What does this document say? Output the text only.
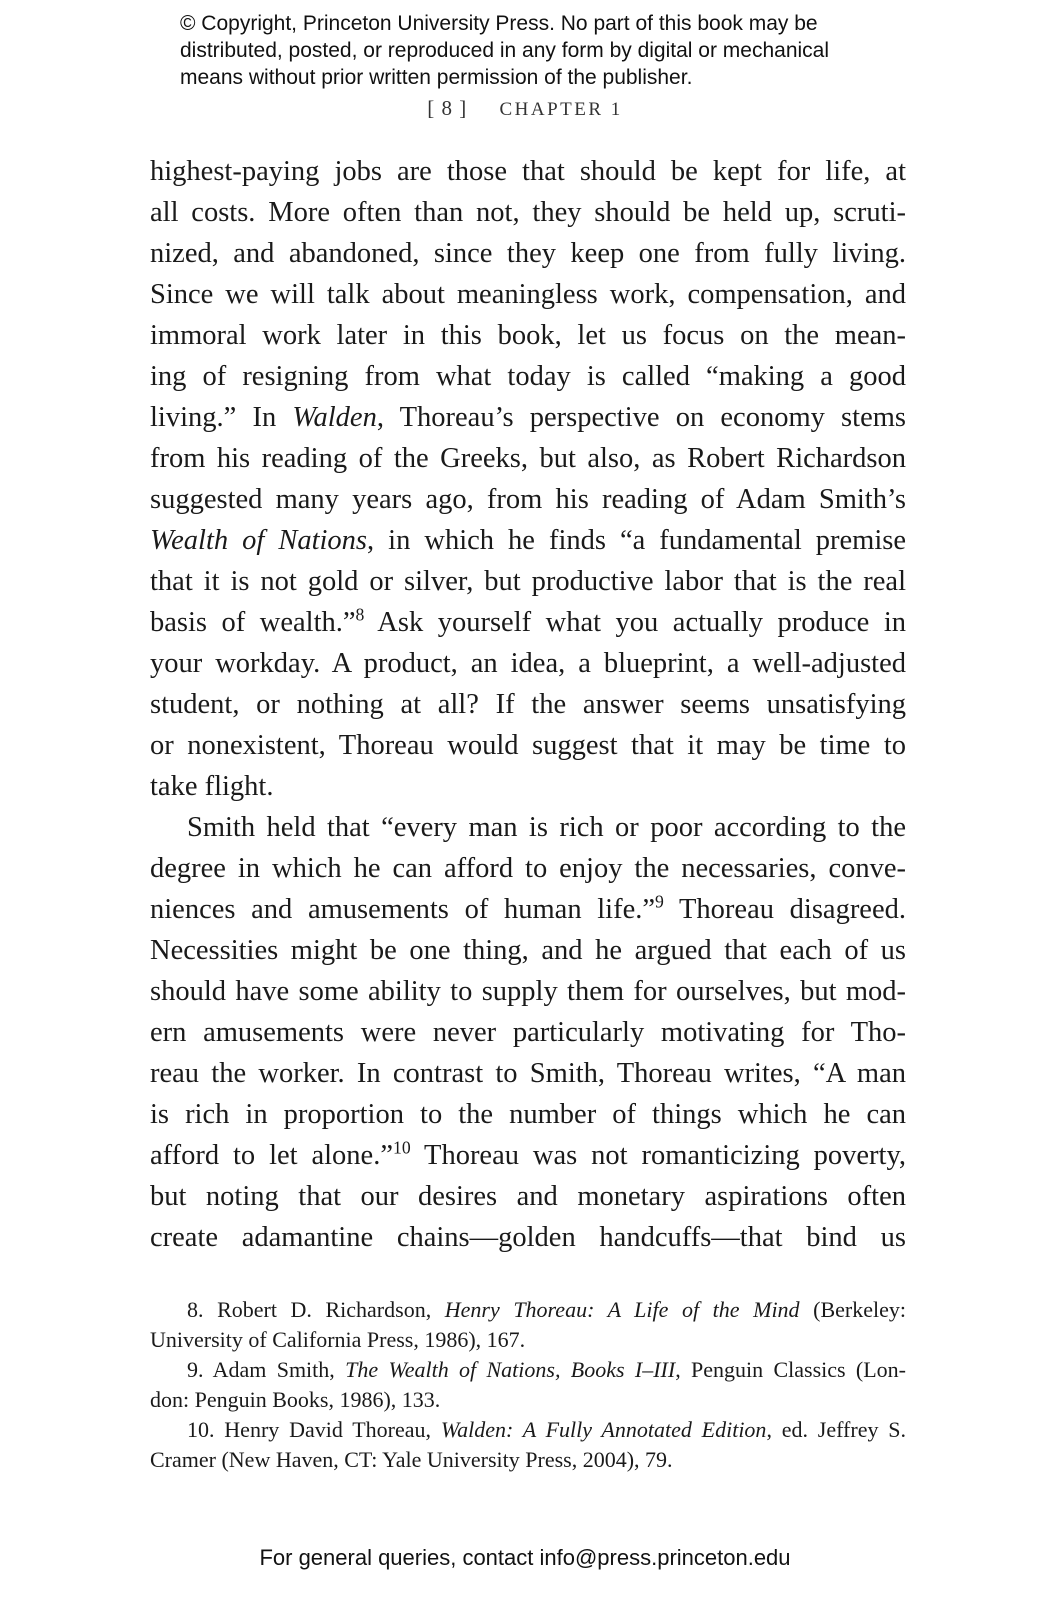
© Copyright, Princeton University Press. No part of this book may be
distributed, posted, or reproduced in any form by digital or mechanical
means without prior written permission of the publisher.
[ 8 ] CHAPTER 1
highest-paying jobs are those that should be kept for life, at
all costs. More often than not, they should be held up, scruti-
nized, and abandoned, since they keep one from fully living.
Since we will talk about meaningless work, compensation, and
immoral work later in this book, let us focus on the mean-
ing of resigning from what today is called “making a good
living.” In Walden, Thoreau’s perspective on economy stems
from his reading of the Greeks, but also, as Robert Richardson
suggested many years ago, from his reading of Adam Smith’s
Wealth of Nations, in which he finds “a fundamental premise
that it is not gold or silver, but productive labor that is the real
basis of wealth.”$^8$ Ask yourself what you actually produce in
your workday. A product, an idea, a blueprint, a well-adjusted
student, or nothing at all? If the answer seems unsatisfying
or nonexistent, Thoreau would suggest that it may be time to
take flight.
Smith held that “every man is rich or poor according to the
degree in which he can afford to enjoy the necessaries, conve-
niences and amusements of human life.”$^9$ Thoreau disagreed.
Necessities might be one thing, and he argued that each of us
should have some ability to supply them for ourselves, but mod-
ern amusements were never particularly motivating for Tho-
reau the worker. In contrast to Smith, Thoreau writes, “A man
is rich in proportion to the number of things which he can
afford to let alone.”$^{10}$ Thoreau was not romanticizing poverty,
but noting that our desires and monetary aspirations often
create adamantine chains—golden handcuffs—that bind us
8. Robert D. Richardson, Henry Thoreau: A Life of the Mind (Berkeley:
University of California Press, 1986), 167.
9. Adam Smith, The Wealth of Nations, Books I–III, Penguin Classics (Lon-
don: Penguin Books, 1986), 133.
10. Henry David Thoreau, Walden: A Fully Annotated Edition, ed. Jeffrey S.
Cramer (New Haven, CT: Yale University Press, 2004), 79.
For general queries, contact info@press.princeton.edu
